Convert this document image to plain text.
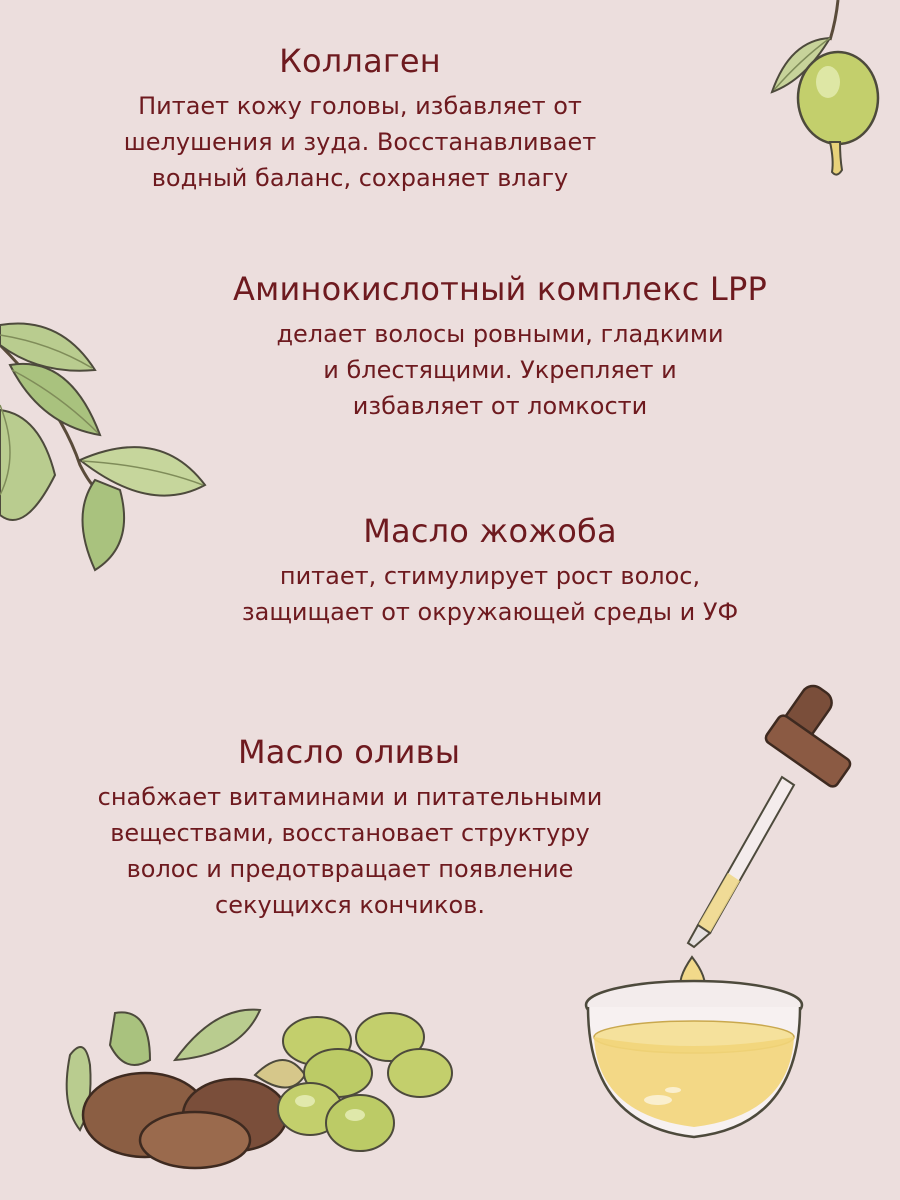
Коллаген
Питает кожу головы, избавляет от
шелушения и зуда. Восстанавливает
водный баланс, сохраняет влагу
Аминокислотный комплекс LPP
делает волосы ровными, гладкими
и блестящими. Укрепляет и
избавляет от ломкости
Масло жожоба
питает, стимулирует рост волос,
защищает от окружающей среды и УФ
Масло оливы
снабжает витаминами и питательными
веществами, восстановает структуру
волос и предотвращает появление
секущихся кончиков.
